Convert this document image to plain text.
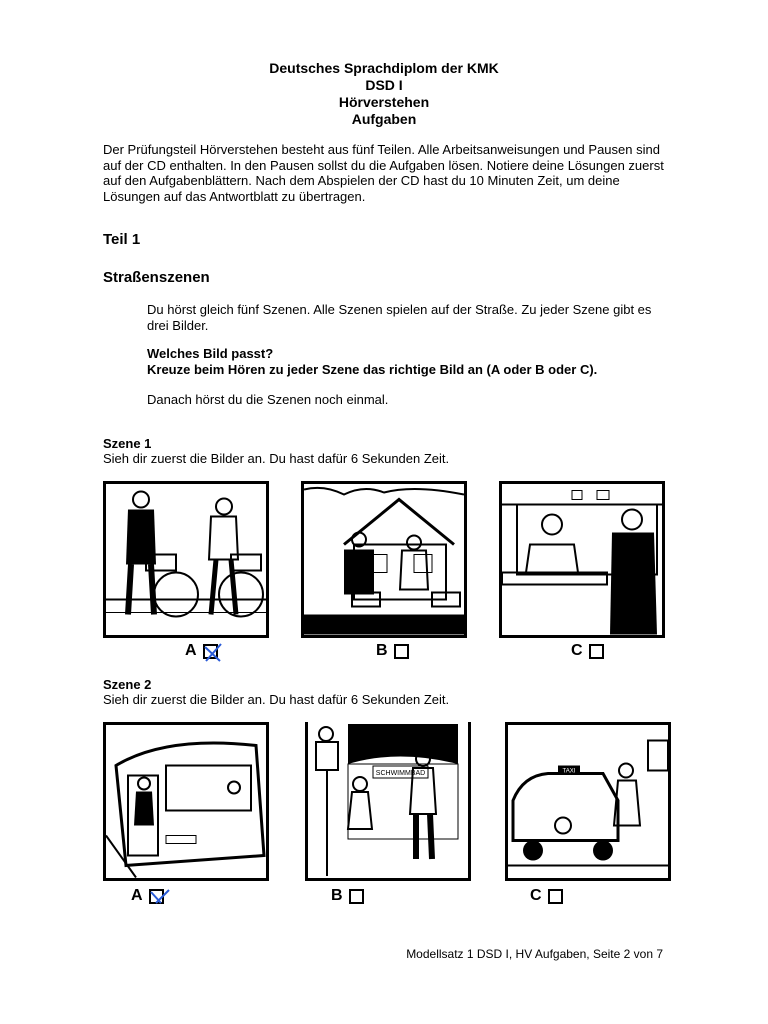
Deutsches Sprachdiplom der KMK
DSD I
Hörverstehen
Aufgaben
Der Prüfungsteil Hörverstehen besteht aus fünf Teilen. Alle Arbeitsanweisungen und Pausen sind auf der CD enthalten. In den Pausen sollst du die Aufgaben lösen. Notiere deine Lösungen zuerst auf den Aufgabenblättern. Nach dem Abspielen der CD hast du 10 Minuten Zeit, um deine Lösungen auf das Antwortblatt zu übertragen.
Teil 1
Straßenszenen
Du hörst gleich fünf Szenen. Alle Szenen spielen auf der Straße. Zu jeder Szene gibt es drei Bilder.
Welches Bild passt?
Kreuze beim Hören zu jeder Szene das richtige Bild an (A oder B oder C).
Danach hörst du die Szenen noch einmal.
Szene 1
Sieh dir zuerst die Bilder an. Du hast dafür 6 Sekunden Zeit.
A	B	C
Szene 2
Sieh dir zuerst die Bilder an. Du hast dafür 6 Sekunden Zeit.
SCHWIMMBAD	TAXI
A	B	C
Modellsatz 1 DSD I, HV Aufgaben, Seite 2 von 7
